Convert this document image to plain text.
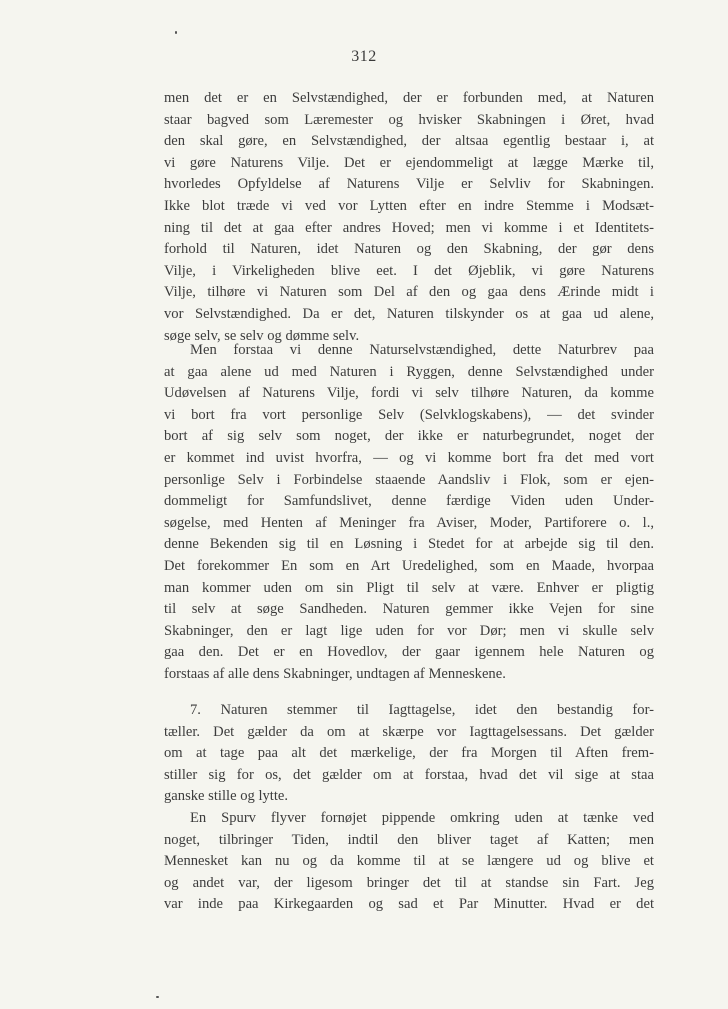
312
men det er en Selvstændighed, der er forbunden med, at Naturen
staar bagved som Læremester og hvisker Skabningen i Øret, hvad
den skal gøre, en Selvstændighed, der altsaa egentlig bestaar i, at
vi gøre Naturens Vilje. Det er ejendommeligt at lægge Mærke til,
hvorledes Opfyldelse af Naturens Vilje er Selvliv for Skabningen.
Ikke blot træde vi ved vor Lytten efter en indre Stemme i Modsæt-
ning til det at gaa efter andres Hoved; men vi komme i et Identitets-
forhold til Naturen, idet Naturen og den Skabning, der gør dens
Vilje, i Virkeligheden blive eet. I det Øjeblik, vi gøre Naturens
Vilje, tilhøre vi Naturen som Del af den og gaa dens Ærinde midt i
vor Selvstændighed. Da er det, Naturen tilskynder os at gaa ud alene,
søge selv, se selv og dømme selv.
Men forstaa vi denne Naturselvstændighed, dette Naturbrev paa
at gaa alene ud med Naturen i Ryggen, denne Selvstændighed under
Udøvelsen af Naturens Vilje, fordi vi selv tilhøre Naturen, da komme
vi bort fra vort personlige Selv (Selvklogskabens), — det svinder
bort af sig selv som noget, der ikke er naturbegrundet, noget der
er kommet ind uvist hvorfra, — og vi komme bort fra det med vort
personlige Selv i Forbindelse staaende Aandsliv i Flok, som er ejen-
dommeligt for Samfundslivet, denne færdige Viden uden Under-
søgelse, med Henten af Meninger fra Aviser, Moder, Partiforere o. l.,
denne Bekenden sig til en Løsning i Stedet for at arbejde sig til den.
Det forekommer En som en Art Uredelighed, som en Maade, hvorpaa
man kommer uden om sin Pligt til selv at være. Enhver er pligtig
til selv at søge Sandheden. Naturen gemmer ikke Vejen for sine
Skabninger, den er lagt lige uden for vor Dør; men vi skulle selv
gaa den. Det er en Hovedlov, der gaar igennem hele Naturen og
forstaas af alle dens Skabninger, undtagen af Menneskene.
7. Naturen stemmer til Iagttagelse, idet den bestandig for-
tæller. Det gælder da om at skærpe vor Iagttagelsessans. Det gælder
om at tage paa alt det mærkelige, der fra Morgen til Aften frem-
stiller sig for os, det gælder om at forstaa, hvad det vil sige at staa
ganske stille og lytte.
En Spurv flyver fornøjet pippende omkring uden at tænke ved
noget, tilbringer Tiden, indtil den bliver taget af Katten; men
Mennesket kan nu og da komme til at se længere ud og blive et
og andet var, der ligesom bringer det til at standse sin Fart. Jeg
var inde paa Kirkegaarden og sad et Par Minutter. Hvad er det
